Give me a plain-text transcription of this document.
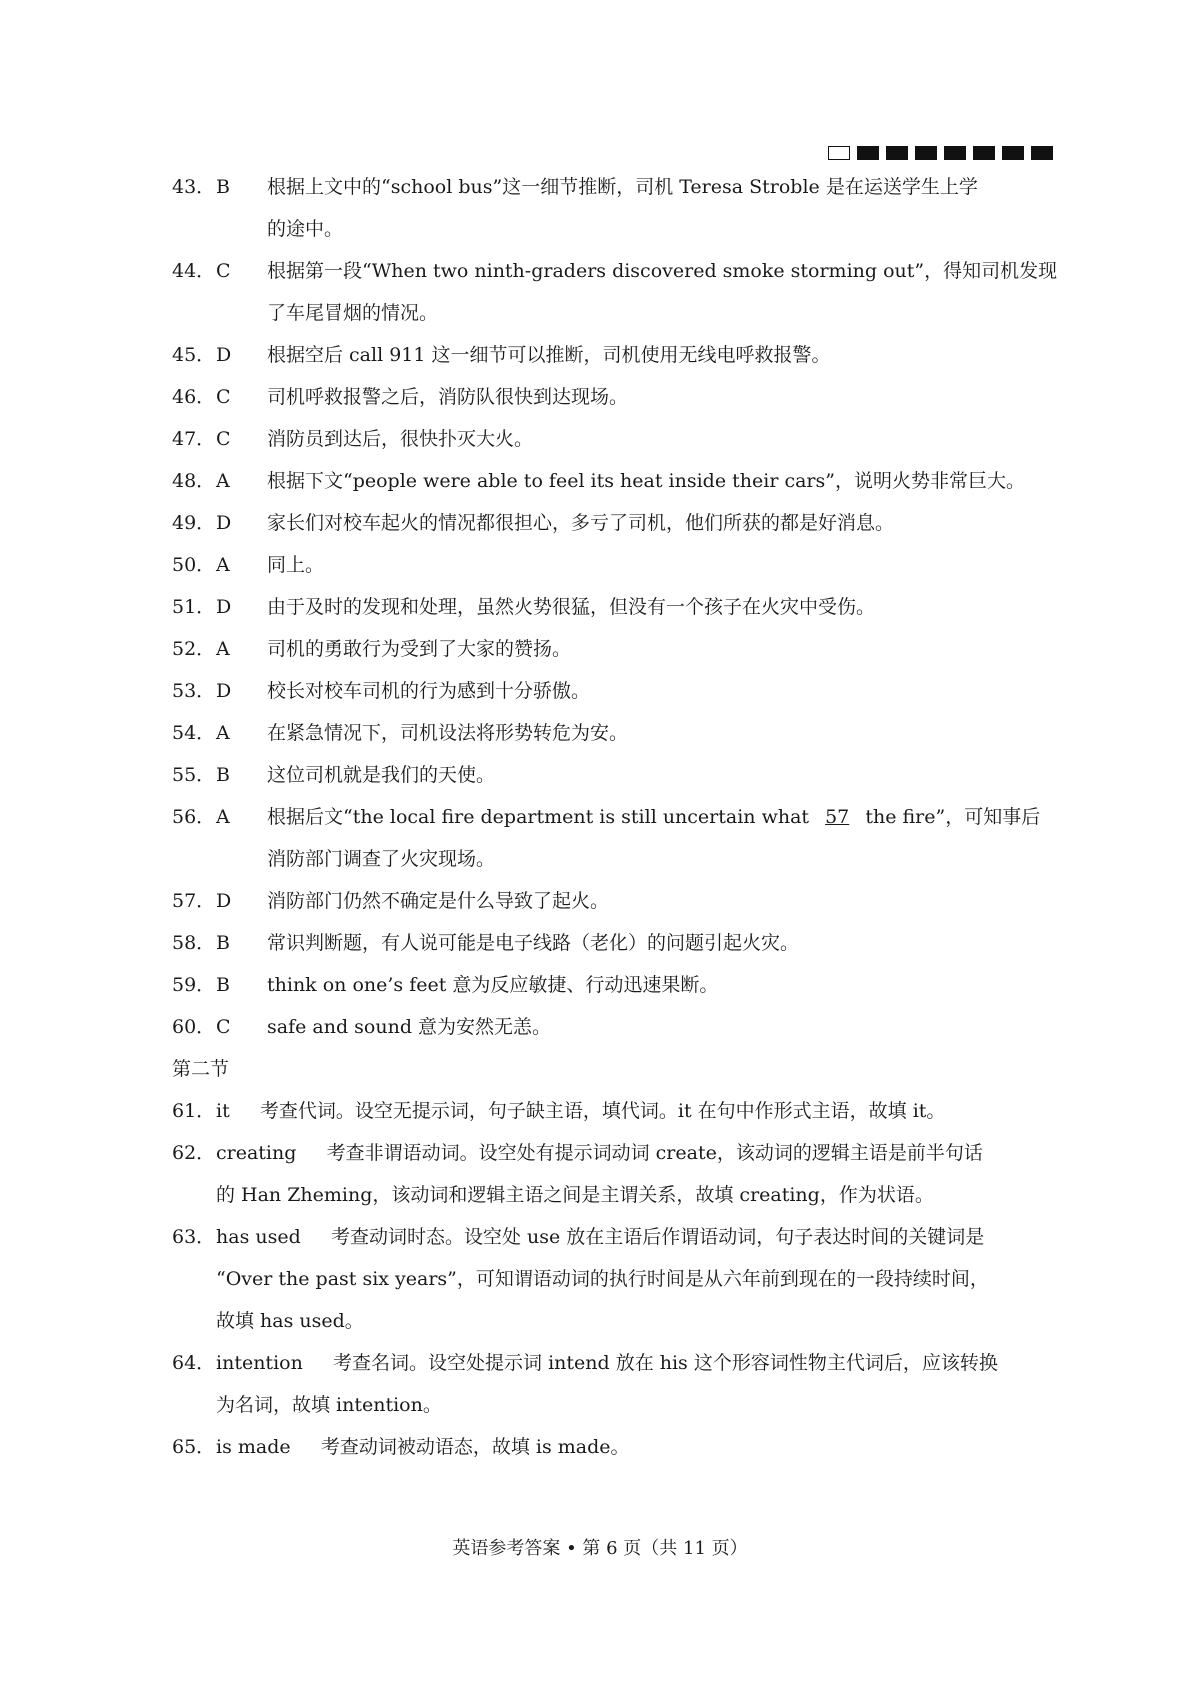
43． B 根据上文中的“school bus”这一细节推断，司机 Teresa Stroble 是在运送学生上学
的途中。
44． C 根据第一段“When two ninth-graders discovered smoke storming out”，得知司机发现
了车尾冒烟的情况。
45． D 根据空后 call 911 这一细节可以推断，司机使用无线电呼救报警。
46． C 司机呼救报警之后，消防队很快到达现场。
47． C 消防员到达后，很快扑灭大火。
48． A 根据下文“people were able to feel its heat inside their cars”，说明火势非常巨大。
49． D 家长们对校车起火的情况都很担心，多亏了司机，他们所获的都是好消息。
50． A 同上。
51． D 由于及时的发现和处理，虽然火势很猛，但没有一个孩子在火灾中受伤。
52． A 司机的勇敢行为受到了大家的赞扬。
53． D 校长对校车司机的行为感到十分骄傲。
54． A 在紧急情况下，司机设法将形势转危为安。
55． B 这位司机就是我们的天使。
56． A 根据后文“the local fire department is still uncertain what 57 the fire”，可知事后
消防部门调查了火灾现场。
57． D 消防部门仍然不确定是什么导致了起火。
58． B 常识判断题，有人说可能是电子线路（老化）的问题引起火灾。
59． B think on one’s feet 意为反应敏捷、行动迅速果断。
60． C safe and sound 意为安然无恙。
第二节
61． it 考查代词。设空无提示词，句子缺主语，填代词。it 在句中作形式主语，故填 it。
62． creating 考查非谓语动词。设空处有提示词动词 create，该动词的逻辑主语是前半句话
的 Han Zheming，该动词和逻辑主语之间是主谓关系，故填 creating，作为状语。
63． has used 考查动词时态。设空处 use 放在主语后作谓语动词，句子表达时间的关键词是
“Over the past six years”，可知谓语动词的执行时间是从六年前到现在的一段持续时间，
故填 has used。
64． intention 考查名词。设空处提示词 intend 放在 his 这个形容词性物主代词后，应该转换
为名词，故填 intention。
65． is made 考查动词被动语态，故填 is made。
英语参考答案 • 第 6 页（共 11 页）
